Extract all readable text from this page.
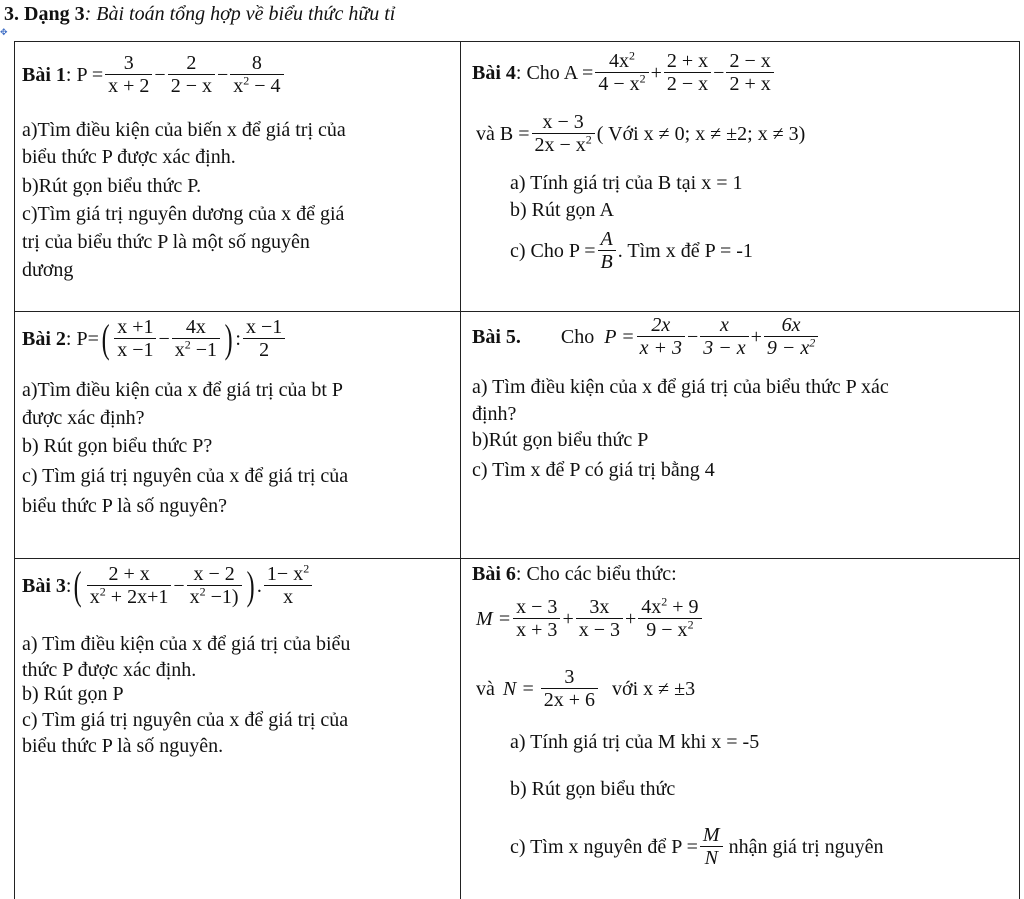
3. Dạng 3: Bài toán tổng hợp về biểu thức hữu tỉ
✥
Bài 1 : $P = \frac{3}{x + 2} - \frac{2}{2 - x} - \frac{8}{x^2 - 4}$
a)Tìm điều kiện của biến x để giá trị của
biểu thức P được xác định.
b)Rút gọn biểu thức P.
c)Tìm giá trị nguyên dương của x để giá
trị của biểu thức P là một số nguyên
dương
Bài 2 : P= ( $\frac{x +1}{x -1} - \frac{4x}{x^2 -1}$ ) : $\frac{x -1}{2}$
a)Tìm điều kiện của x để giá trị của bt P
được xác định?
b) Rút gọn biểu thức P?
c) Tìm giá trị nguyên của x để giá trị của
biểu thức P là số nguyên?
Bài 3 : ( $\frac{2 + x}{x^2 + 2x+1} - \frac{x - 2}{x^2 -1)}$ ) . $\frac{1- x^2}{x}$
a) Tìm điều kiện của x để giá trị của biểu
thức P được xác định.
b) Rút gọn P
c) Tìm giá trị nguyên của x để giá trị của
biểu thức P là số nguyên.
Bài 4 : Cho $A = \frac{4x^2}{4 - x^2} + \frac{2 + x}{2 - x} - \frac{2 - x}{2 + x}$
và $B = \frac{x - 3}{2x - x^2}$ ( Với x ≠ 0; x ≠ ±2; x ≠ 3)
a) Tính giá trị của B tại x = 1
b) Rút gọn A
c) Cho $P = \frac{A}{B}$ . Tìm x để P = -1
Bài 5. Cho $P = \frac{2x}{x + 3} - \frac{x}{3 - x} + \frac{6x}{9 - x^2}$
a) Tìm điều kiện của x để giá trị của biểu thức P xác
định?
b)Rút gọn biểu thức P
c) Tìm x để P có giá trị bằng 4
Bài 6: Cho các biểu thức:
$M = \frac{x - 3}{x + 3} + \frac{3x}{x - 3} + \frac{4x^2 + 9}{9 - x^2}$
và $N = \frac{3}{2x + 6}$ với x ≠ ±3
a) Tính giá trị của M khi x = -5
b) Rút gọn biểu thức
c) Tìm x nguyên để $P = \frac{M}{N}$ nhận giá trị nguyên
